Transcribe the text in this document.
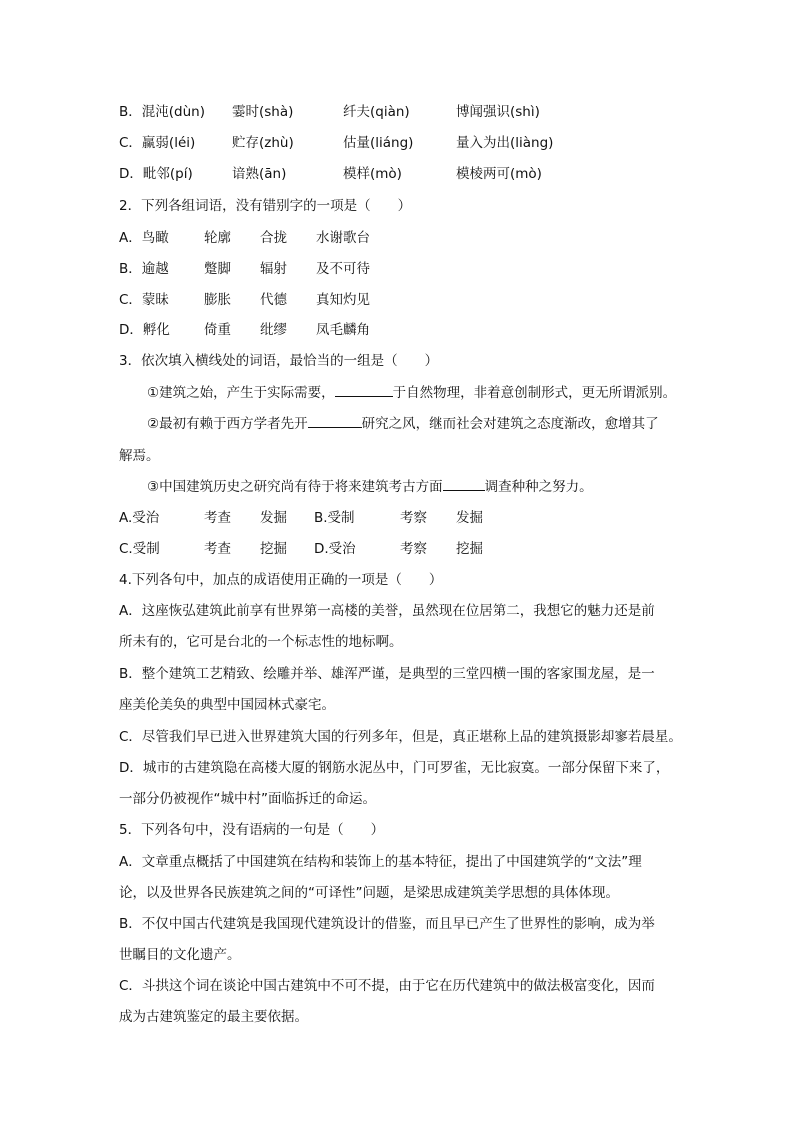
B．混沌(dùn) 霎时(shà)	纤夫(qiàn)	博闻强识(shì)
C．赢弱(léi)	贮存(zhù)	估量(liáng)	量入为出(liàng)
D．毗邻(pí)	谙熟(ān)	模样(mò)	模棱两可(mò)
2．下列各组词语，没有错别字的一项是（　　）
A．鸟瞰	轮廓 合拢 水谢歌台
B．逾越	蹩脚 辐射 及不可待
C．蒙昧	膨胀 代德 真知灼见
D．孵化	倚重 纰缪 凤毛麟角
3．依次填入横线处的词语，最恰当的一组是（　　）
①建筑之始，产生于实际需要，	于自然物理，非着意创制形式，更无所谓派别。
②最初有赖于西方学者先开	研究之风，继而社会对建筑之态度渐改，愈增其了
解焉。
③中国建筑历史之研究尚有待于将来建筑考古方面	调查种种之努力。
A.受治	考查 发掘 B.受制	考察 发掘
C.受制	考查 挖掘 D.受治	考察 挖掘
4.下列各句中，加点的成语使用正确的一项是（　　）
A．这座恢弘建筑此前享有世界第一高楼的美誉，虽然现在位居第二，我想它的魅力还是前
所未有的，它可是台北的一个标志性的地标啊。
B．整个建筑工艺精致、绘雕并举、雄浑严谨，是典型的三堂四横一围的客家围龙屋，是一
座美伦美奂的典型中国园林式豪宅。
C．尽管我们早已进入世界建筑大国的行列多年，但是，真正堪称上品的建筑摄影却寥若晨星。
D．城市的古建筑隐在高楼大厦的钢筋水泥丛中，门可罗雀，无比寂寞。一部分保留下来了，
一部分仍被视作“城中村”面临拆迁的命运。
5．下列各句中，没有语病的一句是（　　）
A．文章重点概括了中国建筑在结构和装饰上的基本特征，提出了中国建筑学的“文法”理
论，以及世界各民族建筑之间的“可译性”问题，是梁思成建筑美学思想的具体体现。
B．不仅中国古代建筑是我国现代建筑设计的借鉴，而且早已产生了世界性的影响，成为举
世瞩目的文化遗产。
C．斗拱这个词在谈论中国古建筑中不可不提，由于它在历代建筑中的做法极富变化，因而
成为古建筑鉴定的最主要依据。
